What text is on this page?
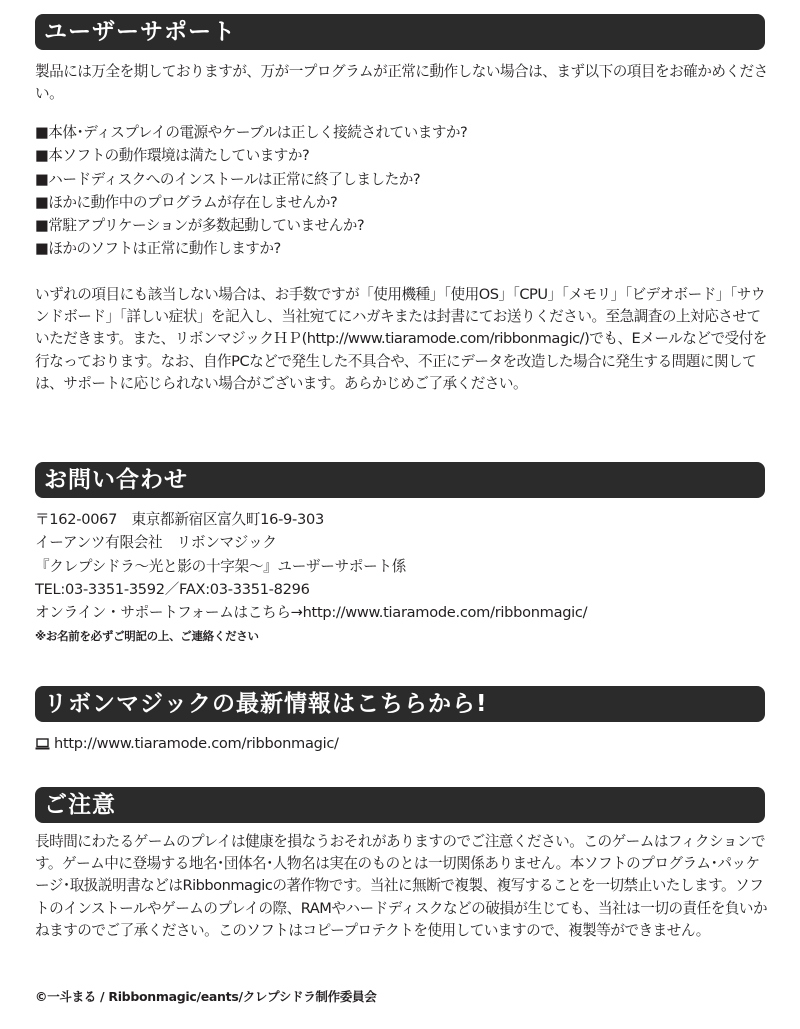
ユーザーサポート
製品には万全を期しておりますが、万が一プログラムが正常に動作しない場合は、まず以下の項目をお確かめください。
■本体･ディスプレイの電源やケーブルは正しく接続されていますか?
■本ソフトの動作環境は満たしていますか?
■ハードディスクへのインストールは正常に終了しましたか?
■ほかに動作中のプログラムが存在しませんか?
■常駐アプリケーションが多数起動していませんか?
■ほかのソフトは正常に動作しますか?
いずれの項目にも該当しない場合は、お手数ですが「使用機種」「使用OS」「CPU」「メモリ」「ビデオボード」「サウンドボード」「詳しい症状」を記入し、当社宛てにハガキまたは封書にてお送りください。至急調査の上対応させていただきます。また、リボンマジックＨＰ(http://www.tiaramode.com/ribbonmagic/)でも、Eメールなどで受付を行なっております。なお、自作PCなどで発生した不具合や、不正にデータを改造した場合に発生する問題に関しては、サポートに応じられない場合がございます。あらかじめご了承ください。
お問い合わせ
〒162-0067　東京都新宿区富久町16-9-303
イーアンツ有限会社　リボンマジック
『クレプシドラ～光と影の十字架～』ユーザーサポート係
TEL:03-3351-3592／FAX:03-3351-8296
オンライン・サポートフォームはこちら→http://www.tiaramode.com/ribbonmagic/
※お名前を必ずご明記の上、ご連絡ください
リボンマジックの最新情報はこちらから!
http://www.tiaramode.com/ribbonmagic/
ご注意
長時間にわたるゲームのプレイは健康を損なうおそれがありますのでご注意ください。このゲームはフィクションです。ゲーム中に登場する地名･団体名･人物名は実在のものとは一切関係ありません。本ソフトのプログラム･パッケージ･取扱説明書などはRibbonmagicの著作物です。当社に無断で複製、複写することを一切禁止いたします。ソフトのインストールやゲームのプレイの際、RAMやハードディスクなどの破損が生じても、当社は一切の責任を負いかねますのでご了承ください。このソフトはコピープロテクトを使用していますので、複製等ができません。
©一斗まる / Ribbonmagic/eants/クレプシドラ制作委員会
